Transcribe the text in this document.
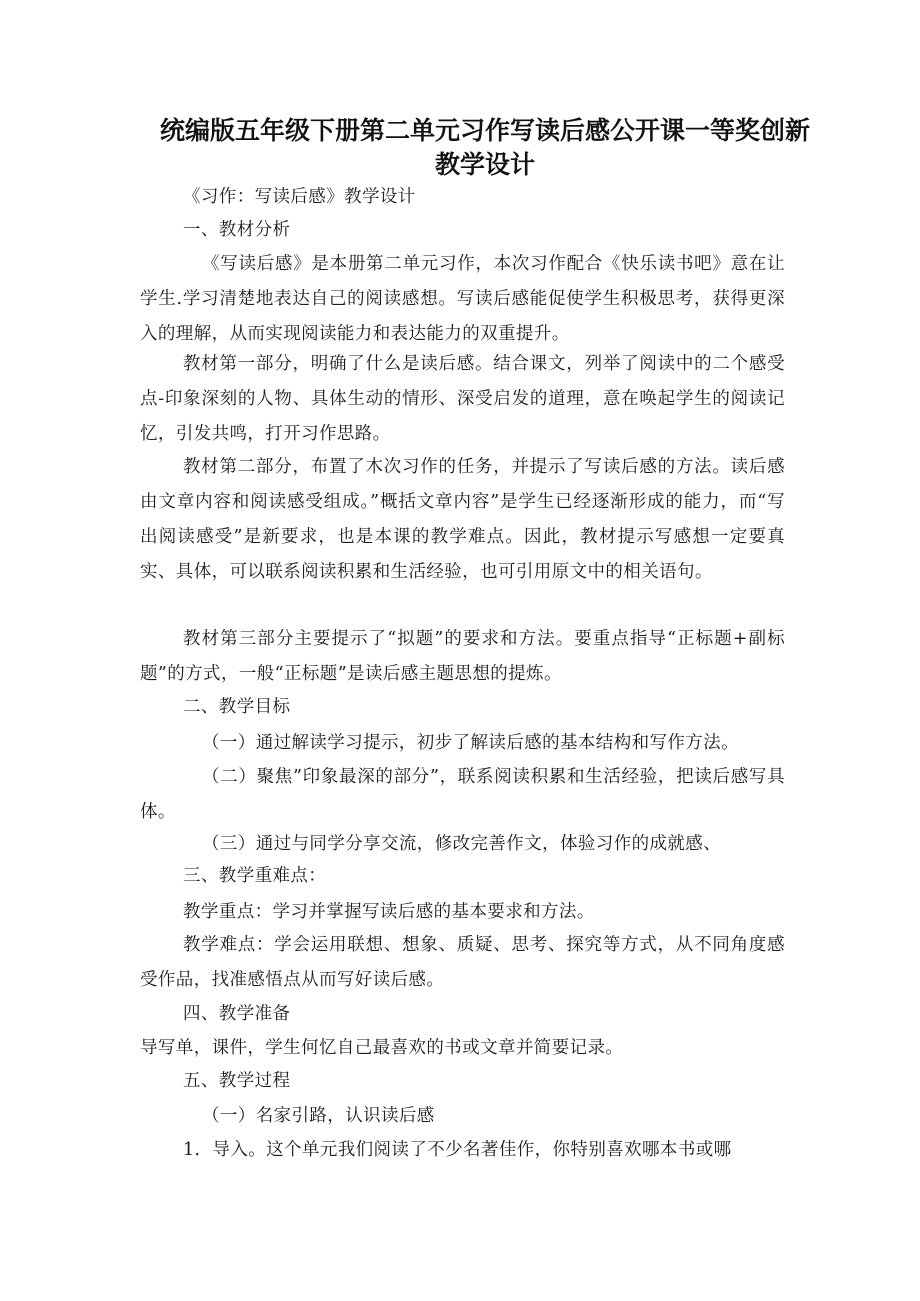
统编版五年级下册第二单元习作写读后感公开课一等奖创新教学设计
《习作：写读后感》教学设计
一、教材分析
《写读后感》是本册第二单元习作，本次习作配合《快乐读书吧》意在让学生.学习清楚地表达自己的阅读感想。写读后感能促使学生积极思考，获得更深入的理解，从而实现阅读能力和表达能力的双重提升。
教材第一部分，明确了什么是读后感。结合课文，列举了阅读中的二个感受点-印象深刻的人物、具体生动的情形、深受启发的道理，意在唤起学生的阅读记忆，引发共鸣，打开习作思路。
教材第二部分，布置了木次习作的任务，并提示了写读后感的方法。读后感由文章内容和阅读感受组成。”概括文章内容”是学生已经逐渐形成的能力，而“写出阅读感受”是新要求，也是本课的教学难点。因此，教材提示写感想一定要真实、具体，可以联系阅读积累和生活经验，也可引用原文中的相关语句。
教材第三部分主要提示了“拟题”的要求和方法。要重点指导“正标题+副标题”的方式，一般“正标题”是读后感主题思想的提炼。
二、教学目标
（一）通过解读学习提示，初步了解读后感的基本结构和写作方法。
（二）聚焦”印象最深的部分”，联系阅读积累和生活经验，把读后感写具体。
（三）通过与同学分享交流，修改完善作文，体验习作的成就感、
三、教学重难点：
教学重点：学习并掌握写读后感的基本要求和方法。
教学难点：学会运用联想、想象、质疑、思考、探究等方式，从不同角度感受作品，找准感悟点从而写好读后感。
四、教学准备
导写单，课件，学生何忆自己最喜欢的书或文章并简要记录。
五、教学过程
（一）名家引路，认识读后感
1．导入。这个单元我们阅读了不少名著佳作，你特别喜欢哪本书或哪
